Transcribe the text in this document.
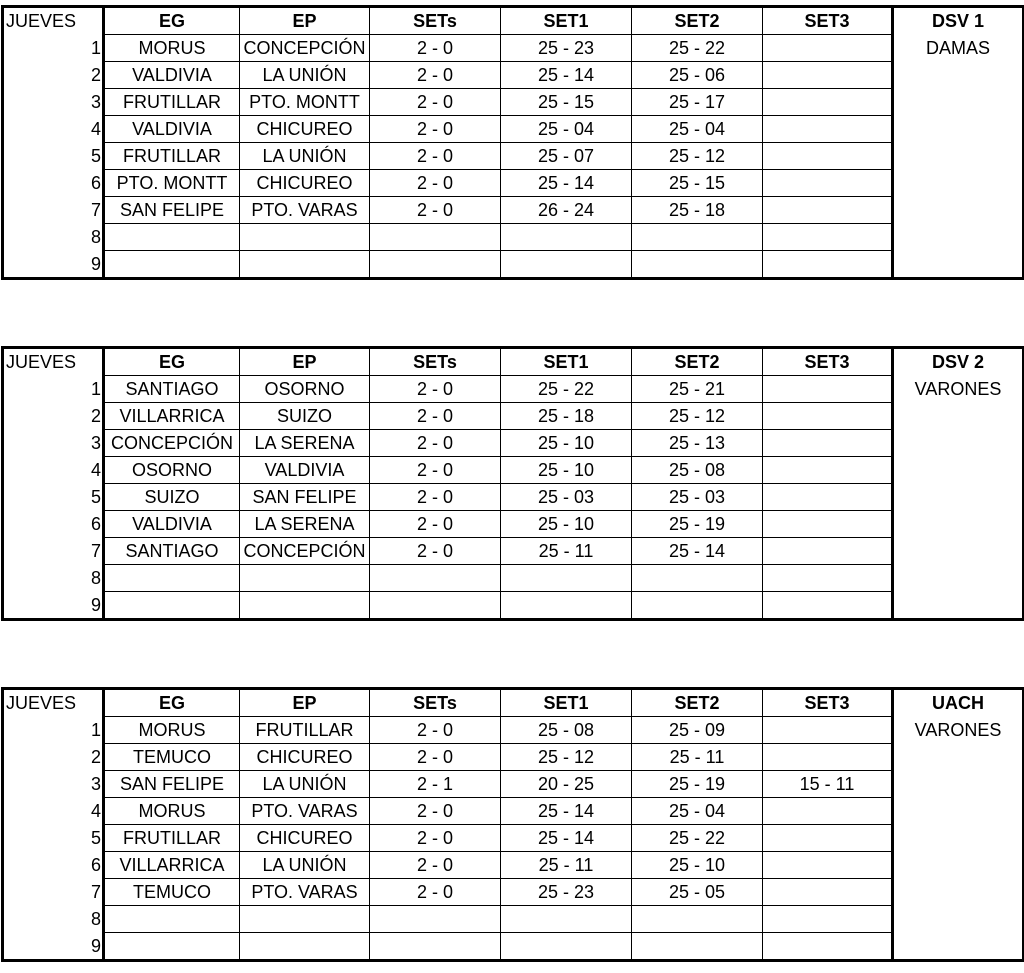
JUEVES	EG	EP	SETs	SET1	SET2	SET3	DSV 1
1	MORUS	CONCEPCIÓN	2 - 0	25 - 23	25 - 22		DAMAS
2	VALDIVIA	LA UNIÓN	2 - 0	25 - 14	25 - 06		
3	FRUTILLAR	PTO. MONTT	2 - 0	25 - 15	25 - 17		
4	VALDIVIA	CHICUREO	2 - 0	25 - 04	25 - 04		
5	FRUTILLAR	LA UNIÓN	2 - 0	25 - 07	25 - 12		
6	PTO. MONTT	CHICUREO	2 - 0	25 - 14	25 - 15		
7	SAN FELIPE	PTO. VARAS	2 - 0	26 - 24	25 - 18		
8							
9							
JUEVES	EG	EP	SETs	SET1	SET2	SET3	DSV 2
1	SANTIAGO	OSORNO	2 - 0	25 - 22	25 - 21		VARONES
2	VILLARRICA	SUIZO	2 - 0	25 - 18	25 - 12		
3	CONCEPCIÓN	LA SERENA	2 - 0	25 - 10	25 - 13		
4	OSORNO	VALDIVIA	2 - 0	25 - 10	25 - 08		
5	SUIZO	SAN FELIPE	2 - 0	25 - 03	25 - 03		
6	VALDIVIA	LA SERENA	2 - 0	25 - 10	25 - 19		
7	SANTIAGO	CONCEPCIÓN	2 - 0	25 - 11	25 - 14		
8							
9							
JUEVES	EG	EP	SETs	SET1	SET2	SET3	UACH
1	MORUS	FRUTILLAR	2 - 0	25 - 08	25 - 09		VARONES
2	TEMUCO	CHICUREO	2 - 0	25 - 12	25 - 11		
3	SAN FELIPE	LA UNIÓN	2 - 1	20 - 25	25 - 19	15 - 11	
4	MORUS	PTO. VARAS	2 - 0	25 - 14	25 - 04		
5	FRUTILLAR	CHICUREO	2 - 0	25 - 14	25 - 22		
6	VILLARRICA	LA UNIÓN	2 - 0	25 - 11	25 - 10		
7	TEMUCO	PTO. VARAS	2 - 0	25 - 23	25 - 05		
8							
9							
